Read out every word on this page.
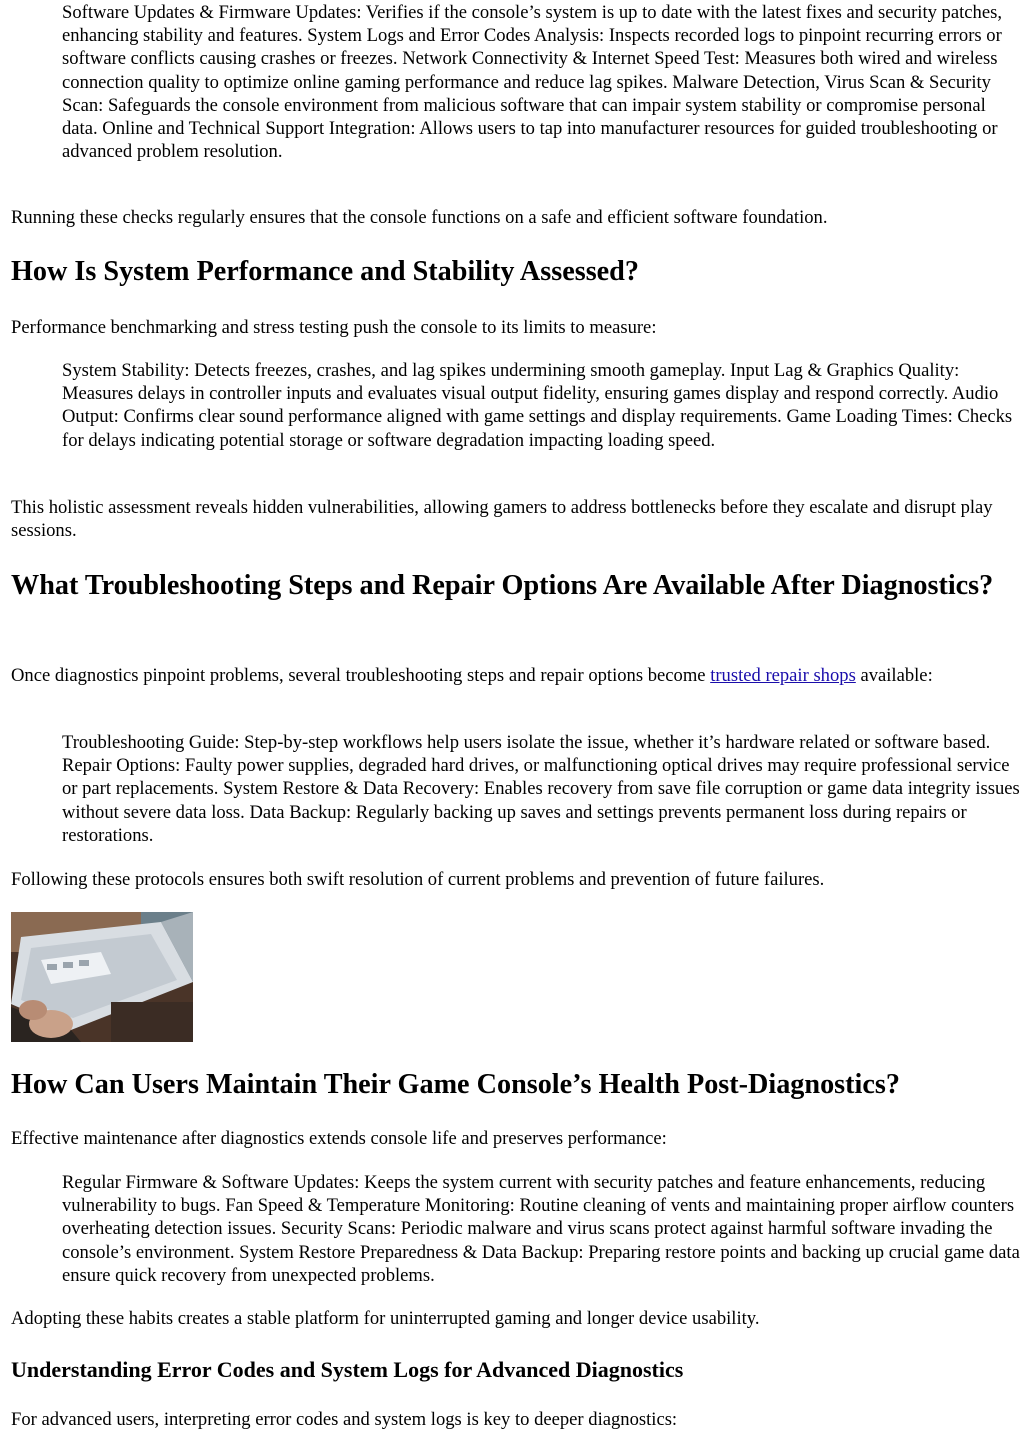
Software Updates & Firmware Updates: Verifies if the console’s system is up to date with the latest fixes and security patches, enhancing stability and features. System Logs and Error Codes Analysis: Inspects recorded logs to pinpoint recurring errors or software conflicts causing crashes or freezes. Network Connectivity & Internet Speed Test: Measures both wired and wireless connection quality to optimize online gaming performance and reduce lag spikes. Malware Detection, Virus Scan & Security Scan: Safeguards the console environment from malicious software that can impair system stability or compromise personal data. Online and Technical Support Integration: Allows users to tap into manufacturer resources for guided troubleshooting or advanced problem resolution.

Running these checks regularly ensures that the console functions on a safe and efficient software foundation.

How Is System Performance and Stability Assessed?

Performance benchmarking and stress testing push the console to its limits to measure:

System Stability: Detects freezes, crashes, and lag spikes undermining smooth gameplay. Input Lag & Graphics Quality: Measures delays in controller inputs and evaluates visual output fidelity, ensuring games display and respond correctly. Audio Output: Confirms clear sound performance aligned with game settings and display requirements. Game Loading Times: Checks for delays indicating potential storage or software degradation impacting loading speed.

This holistic assessment reveals hidden vulnerabilities, allowing gamers to address bottlenecks before they escalate and disrupt play sessions.

What Troubleshooting Steps and Repair Options Are Available After Diagnostics?

Once diagnostics pinpoint problems, several troubleshooting steps and repair options become trusted repair shops available:

Troubleshooting Guide: Step-by-step workflows help users isolate the issue, whether it’s hardware related or software based. Repair Options: Faulty power supplies, degraded hard drives, or malfunctioning optical drives may require professional service or part replacements. System Restore & Data Recovery: Enables recovery from save file corruption or game data integrity issues without severe data loss. Data Backup: Regularly backing up saves and settings prevents permanent loss during repairs or restorations.

Following these protocols ensures both swift resolution of current problems and prevention of future failures.

How Can Users Maintain Their Game Console’s Health Post-Diagnostics?

Effective maintenance after diagnostics extends console life and preserves performance:

Regular Firmware & Software Updates: Keeps the system current with security patches and feature enhancements, reducing vulnerability to bugs. Fan Speed & Temperature Monitoring: Routine cleaning of vents and maintaining proper airflow counters overheating detection issues. Security Scans: Periodic malware and virus scans protect against harmful software invading the console’s environment. System Restore Preparedness & Data Backup: Preparing restore points and backing up crucial game data ensure quick recovery from unexpected problems.

Adopting these habits creates a stable platform for uninterrupted gaming and longer device usability.

Understanding Error Codes and System Logs for Advanced Diagnostics

For advanced users, interpreting error codes and system logs is key to deeper diagnostics:
